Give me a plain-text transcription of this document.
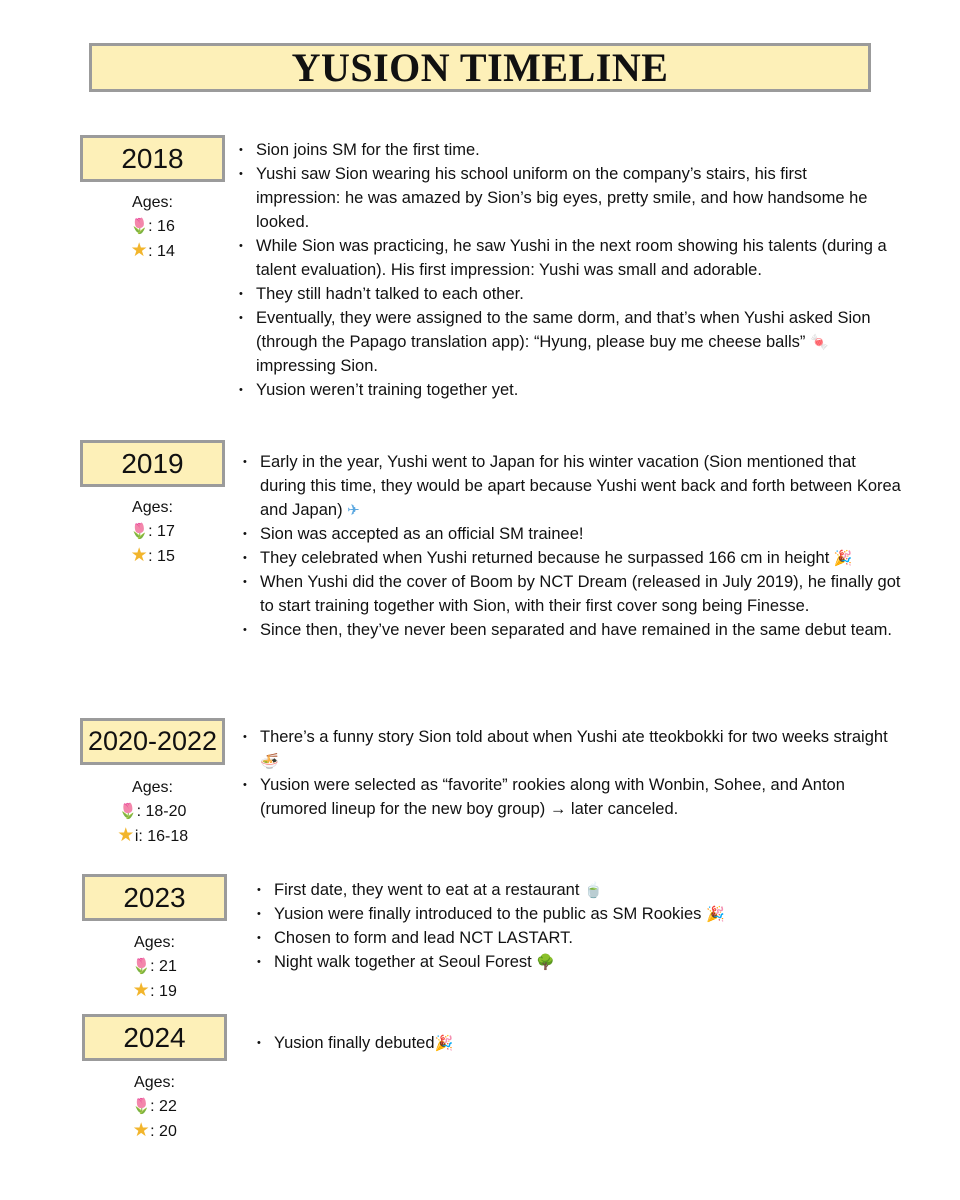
YUSION TIMELINE
2018
Ages:
🌷: 16
★: 14
• Sion joins SM for the first time.
• Yushi saw Sion wearing his school uniform on the company’s stairs, his first impression: he was amazed by Sion’s big eyes, pretty smile, and how handsome he looked.
• While Sion was practicing, he saw Yushi in the next room showing his talents (during a talent evaluation). His first impression: Yushi was small and adorable.
• They still hadn’t talked to each other.
• Eventually, they were assigned to the same dorm, and that’s when Yushi asked Sion (through the Papago translation app): “Hyung, please buy me cheese balls” 🍬 impressing Sion.
• Yusion weren’t training together yet.
2019
Ages:
🌷: 17
★: 15
• Early in the year, Yushi went to Japan for his winter vacation (Sion mentioned that during this time, they would be apart because Yushi went back and forth between Korea and Japan) ✈
• Sion was accepted as an official SM trainee!
• They celebrated when Yushi returned because he surpassed 166 cm in height 🎉
• When Yushi did the cover of Boom by NCT Dream (released in July 2019), he finally got to start training together with Sion, with their first cover song being Finesse.
• Since then, they’ve never been separated and have remained in the same debut team.
2020-2022
Ages:
🌷: 18-20
★i: 16-18
• There’s a funny story Sion told about when Yushi ate tteokbokki for two weeks straight 🍜
• Yusion were selected as “favorite” rookies along with Wonbin, Sohee, and Anton (rumored lineup for the new boy group) → later canceled.
2023
Ages:
🌷: 21
★: 19
• First date, they went to eat at a restaurant 🍵
• Yusion were finally introduced to the public as SM Rookies 🎉
• Chosen to form and lead NCT LASTART.
• Night walk together at Seoul Forest 🌳
2024
Ages:
🌷: 22
★: 20
• Yusion finally debuted🎉
